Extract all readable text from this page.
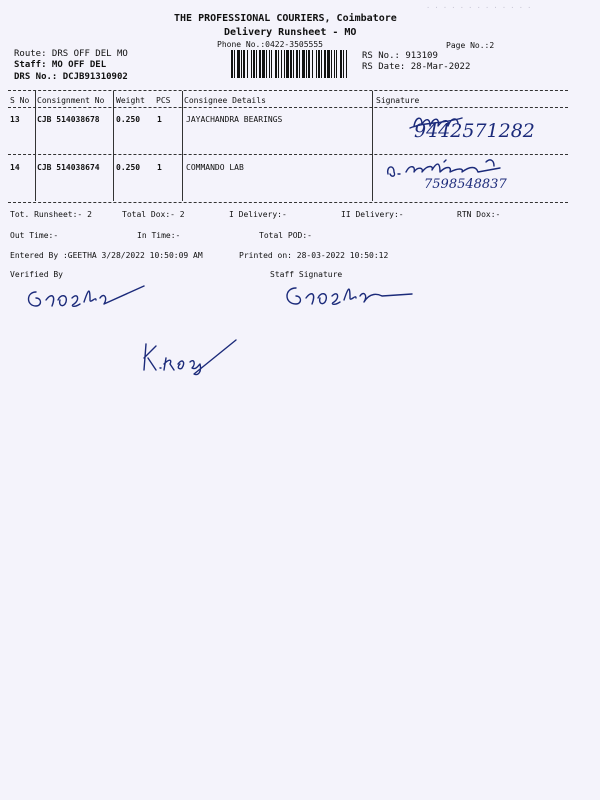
THE PROFESSIONAL COURIERS, Coimbatore
Delivery Runsheet - MO
Phone No.:0422-3505555	Page No.:2
Route: DRS OFF DEL MO
Staff: MO OFF DEL
DRS No.: DCJB91310902
RS No.: 913109
RS Date: 28-Mar-2022
S No Consignment No Weight PCS Consignee Details	Signature
13 CJB 514038678 0.250 1	JAYACHANDRA BEARINGS
9442571282
14 CJB 514038674 0.250 1	COMMANDO LAB
7598548837
Tot. Runsheet:- 2	Total Dox:- 2	I Delivery:-	II Delivery:-	RTN Dox:-
Out Time:-	In Time:-	Total POD:-
Entered By :GEETHA 3/28/2022 10:50:09 AM	Printed on: 28-03-2022 10:50:12
Verified By	Staff Signature
· · · · · · · · · · · · ·
